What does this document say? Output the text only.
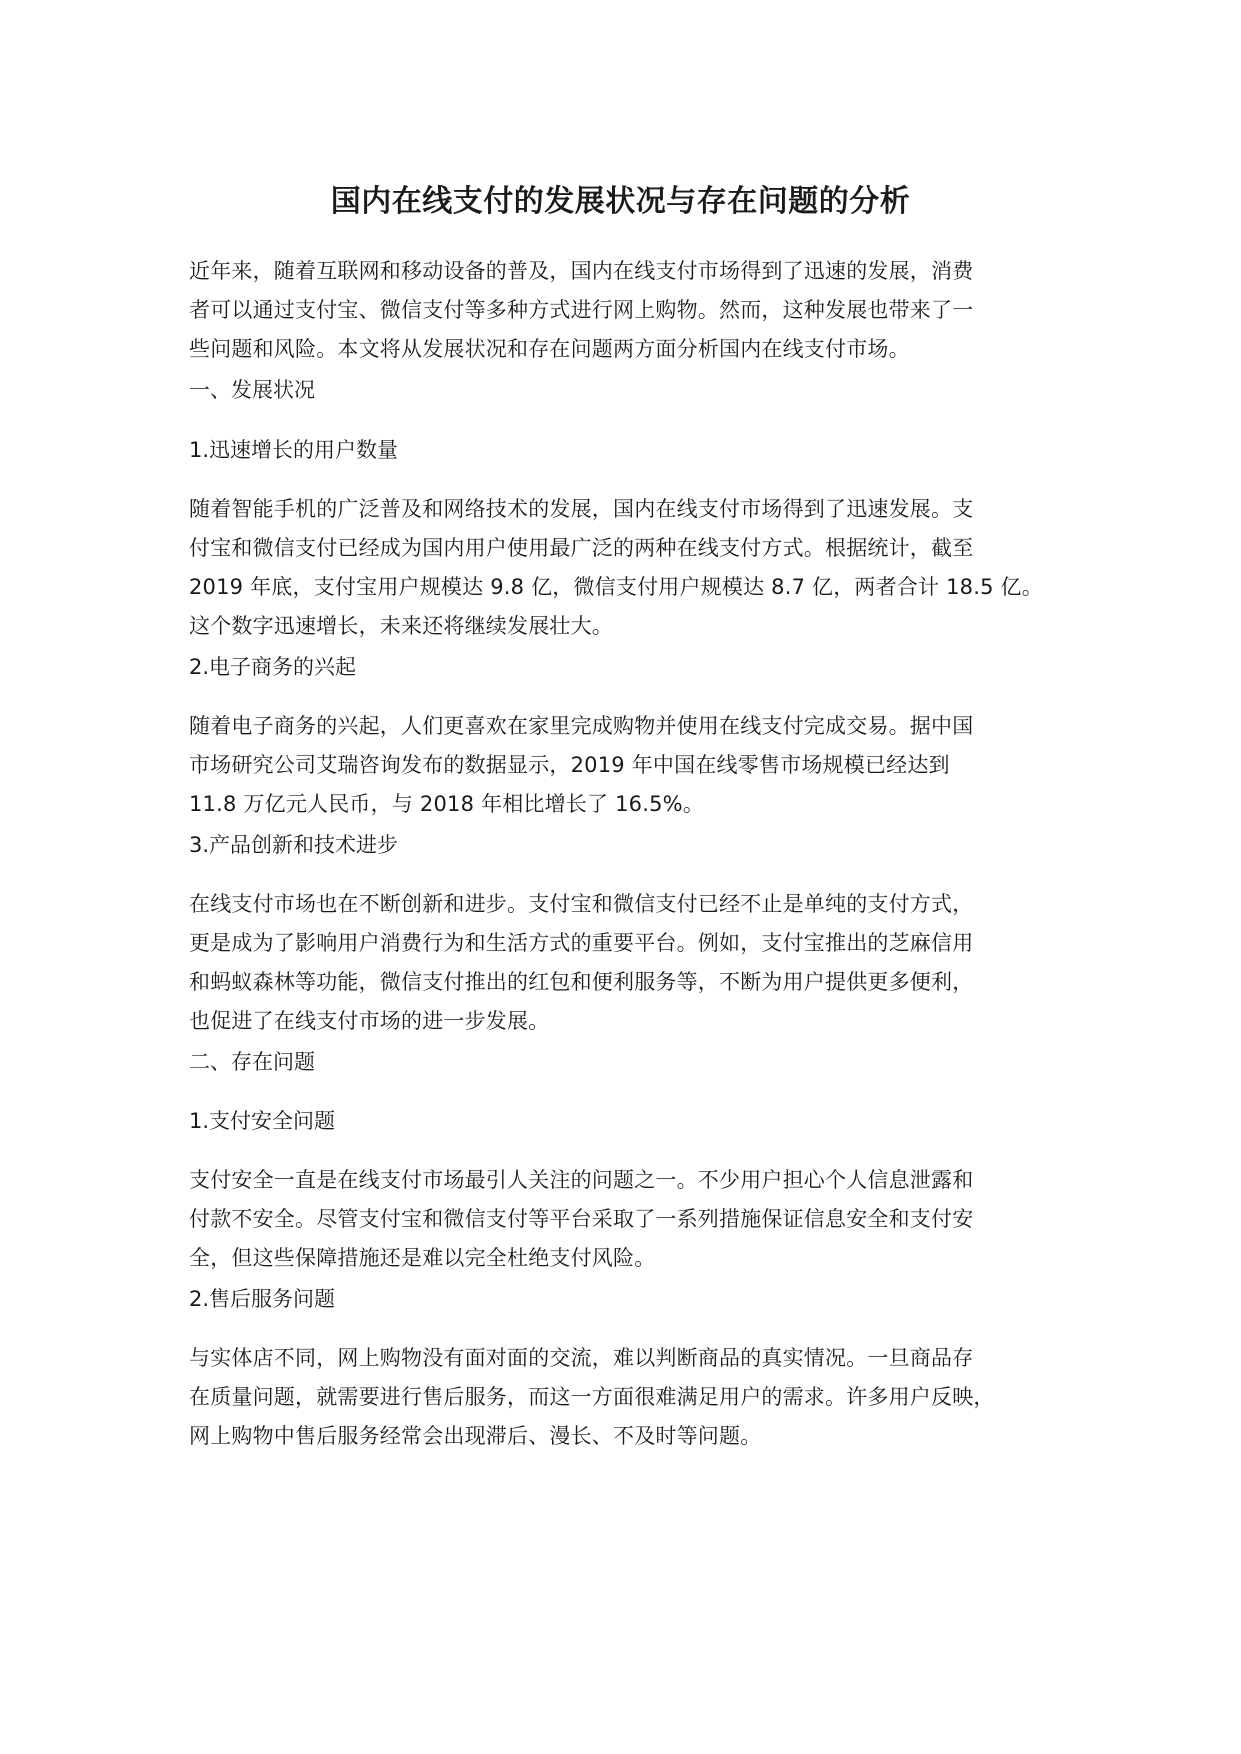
国内在线支付的发展状况与存在问题的分析

近年来，随着互联网和移动设备的普及，国内在线支付市场得到了迅速的发展，消费
者可以通过支付宝、微信支付等多种方式进行网上购物。然而，这种发展也带来了一
些问题和风险。本文将从发展状况和存在问题两方面分析国内在线支付市场。

一、发展状况
1.迅速增长的用户数量

随着智能手机的广泛普及和网络技术的发展，国内在线支付市场得到了迅速发展。支
付宝和微信支付已经成为国内用户使用最广泛的两种在线支付方式。根据统计，截至
2019 年底，支付宝用户规模达 9.8 亿，微信支付用户规模达 8.7 亿，两者合计 18.5 亿。
这个数字迅速增长，未来还将继续发展壮大。

2.电子商务的兴起

随着电子商务的兴起，人们更喜欢在家里完成购物并使用在线支付完成交易。据中国
市场研究公司艾瑞咨询发布的数据显示，2019 年中国在线零售市场规模已经达到
11.8 万亿元人民币，与 2018 年相比增长了 16.5%。

3.产品创新和技术进步

在线支付市场也在不断创新和进步。支付宝和微信支付已经不止是单纯的支付方式，
更是成为了影响用户消费行为和生活方式的重要平台。例如，支付宝推出的芝麻信用
和蚂蚁森林等功能，微信支付推出的红包和便利服务等，不断为用户提供更多便利，
也促进了在线支付市场的进一步发展。

二、存在问题
1.支付安全问题

支付安全一直是在线支付市场最引人关注的问题之一。不少用户担心个人信息泄露和
付款不安全。尽管支付宝和微信支付等平台采取了一系列措施保证信息安全和支付安
全，但这些保障措施还是难以完全杜绝支付风险。

2.售后服务问题

与实体店不同，网上购物没有面对面的交流，难以判断商品的真实情况。一旦商品存
在质量问题，就需要进行售后服务，而这一方面很难满足用户的需求。许多用户反映，
网上购物中售后服务经常会出现滞后、漫长、不及时等问题。
